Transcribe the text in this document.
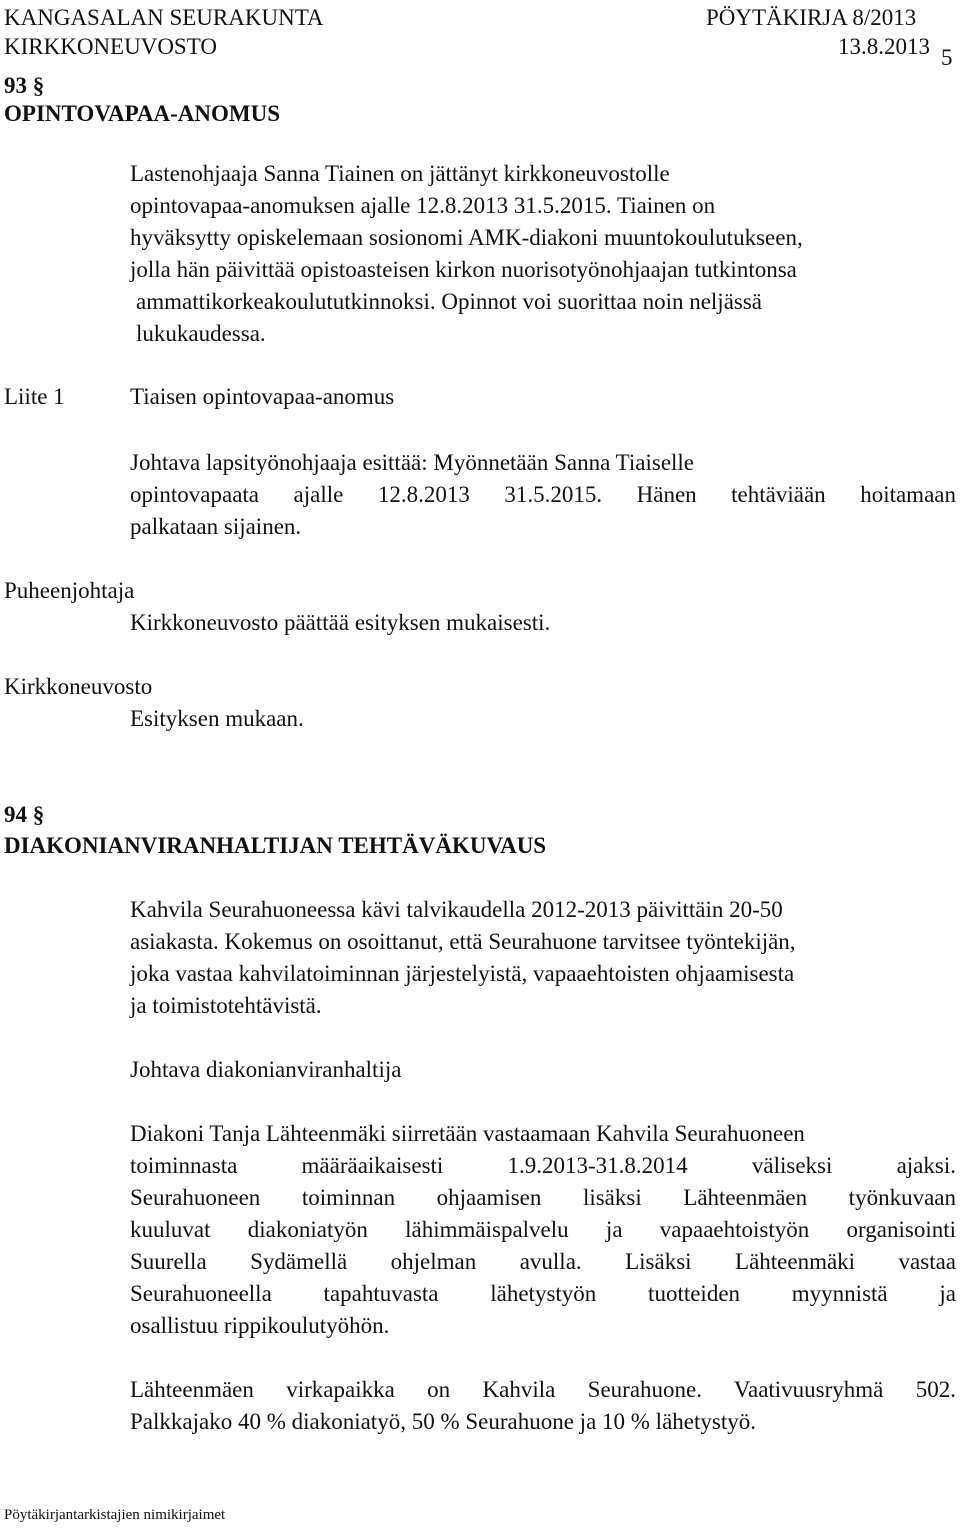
KANGASALAN SEURAKUNTA	PÖYTÄKIRJA 8/2013
KIRKKONEUVOSTO	13.8.2013 5
93 §
OPINTOVAPAA-ANOMUS
Lastenohjaaja Sanna Tiainen on jättänyt kirkkoneuvostolle
opintovapaa-anomuksen ajalle 12.8.2013 31.5.2015. Tiainen on
hyväksytty opiskelemaan sosionomi AMK-diakoni muuntokoulutukseen,
jolla hän päivittää opistoasteisen kirkon nuorisotyönohjaajan tutkintonsa
ammattikorkeakoulututkinnoksi. Opinnot voi suorittaa noin neljässä
lukukaudessa.
Liite 1	Tiaisen opintovapaa-anomus
Johtava lapsityönohjaaja esittää: Myönnetään Sanna Tiaiselle
opintovapaata ajalle 12.8.2013 31.5.2015. Hänen tehtäviään hoitamaan
palkataan sijainen.
Puheenjohtaja
Kirkkoneuvosto päättää esityksen mukaisesti.
Kirkkoneuvosto
Esityksen mukaan.
94 §
DIAKONIANVIRANHALTIJAN TEHTÄVÄKUVAUS
Kahvila Seurahuoneessa kävi talvikaudella 2012-2013 päivittäin 20-50
asiakasta. Kokemus on osoittanut, että Seurahuone tarvitsee työntekijän,
joka vastaa kahvilatoiminnan järjestelyistä, vapaaehtoisten ohjaamisesta
ja toimistotehtävistä.
Johtava diakonianviranhaltija
Diakoni Tanja Lähteenmäki siirretään vastaamaan Kahvila Seurahuoneen
toiminnasta määräaikaisesti 1.9.2013-31.8.2014 väliseksi ajaksi.
Seurahuoneen toiminnan ohjaamisen lisäksi Lähteenmäen työnkuvaan
kuuluvat diakoniatyön lähimmäispalvelu ja vapaaehtoistyön organisointi
Suurella Sydämellä ohjelman avulla. Lisäksi Lähteenmäki vastaa
Seurahuoneella tapahtuvasta lähetystyön tuotteiden myynnistä ja
osallistuu rippikoulutyöhön.
Lähteenmäen virkapaikka on Kahvila Seurahuone. Vaativuusryhmä 502.
Palkkajako 40 % diakoniatyö, 50 % Seurahuone ja 10 % lähetystyö.
Pöytäkirjantarkistajien nimikirjaimet
